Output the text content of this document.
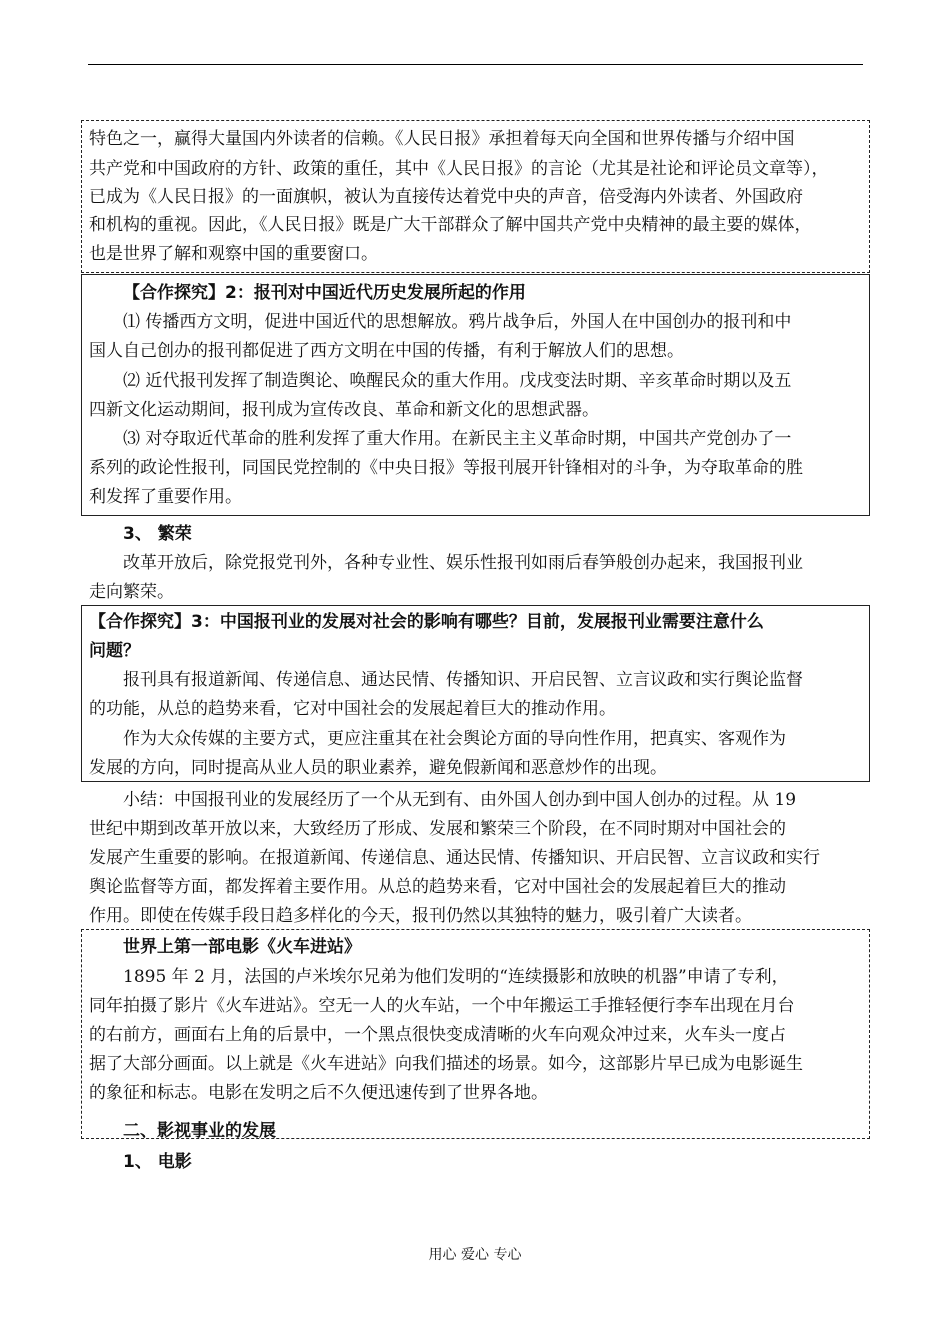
特色之一，赢得大量国内外读者的信赖。《人民日报》承担着每天向全国和世界传播与介绍中国
共产党和中国政府的方针、政策的重任，其中《人民日报》的言论（尤其是社论和评论员文章等），
已成为《人民日报》的一面旗帜，被认为直接传达着党中央的声音，倍受海内外读者、外国政府
和机构的重视。因此，《人民日报》既是广大干部群众了解中国共产党中央精神的最主要的媒体，
也是世界了解和观察中国的重要窗口。
【合作探究】2：报刊对中国近代历史发展所起的作用
⑴ 传播西方文明，促进中国近代的思想解放。鸦片战争后，外国人在中国创办的报刊和中
国人自己创办的报刊都促进了西方文明在中国的传播，有利于解放人们的思想。
⑵ 近代报刊发挥了制造舆论、唤醒民众的重大作用。戊戌变法时期、辛亥革命时期以及五
四新文化运动期间，报刊成为宣传改良、革命和新文化的思想武器。
⑶ 对夺取近代革命的胜利发挥了重大作用。在新民主主义革命时期，中国共产党创办了一
系列的政论性报刊，同国民党控制的《中央日报》等报刊展开针锋相对的斗争，为夺取革命的胜
利发挥了重要作用。
3、 繁荣
改革开放后，除党报党刊外，各种专业性、娱乐性报刊如雨后春笋般创办起来，我国报刊业
走向繁荣。
【合作探究】3：中国报刊业的发展对社会的影响有哪些？目前，发展报刊业需要注意什么
问题？
报刊具有报道新闻、传递信息、通达民情、传播知识、开启民智、立言议政和实行舆论监督
的功能，从总的趋势来看，它对中国社会的发展起着巨大的推动作用。
作为大众传媒的主要方式，更应注重其在社会舆论方面的导向性作用，把真实、客观作为
发展的方向，同时提高从业人员的职业素养，避免假新闻和恶意炒作的出现。
小结：中国报刊业的发展经历了一个从无到有、由外国人创办到中国人创办的过程。从 19
世纪中期到改革开放以来，大致经历了形成、发展和繁荣三个阶段，在不同时期对中国社会的
发展产生重要的影响。在报道新闻、传递信息、通达民情、传播知识、开启民智、立言议政和实行
舆论监督等方面，都发挥着主要作用。从总的趋势来看，它对中国社会的发展起着巨大的推动
作用。即使在传媒手段日趋多样化的今天，报刊仍然以其独特的魅力，吸引着广大读者。
世界上第一部电影《火车进站》
1895 年 2 月，法国的卢米埃尔兄弟为他们发明的“连续摄影和放映的机器”申请了专利，
同年拍摄了影片《火车进站》。空无一人的火车站，一个中年搬运工手推轻便行李车出现在月台
的右前方，画面右上角的后景中，一个黑点很快变成清晰的火车向观众冲过来，火车头一度占
据了大部分画面。以上就是《火车进站》向我们描述的场景。如今，这部影片早已成为电影诞生
的象征和标志。电影在发明之后不久便迅速传到了世界各地。
二、影视事业的发展
1、 电影
用心 爱心 专心
